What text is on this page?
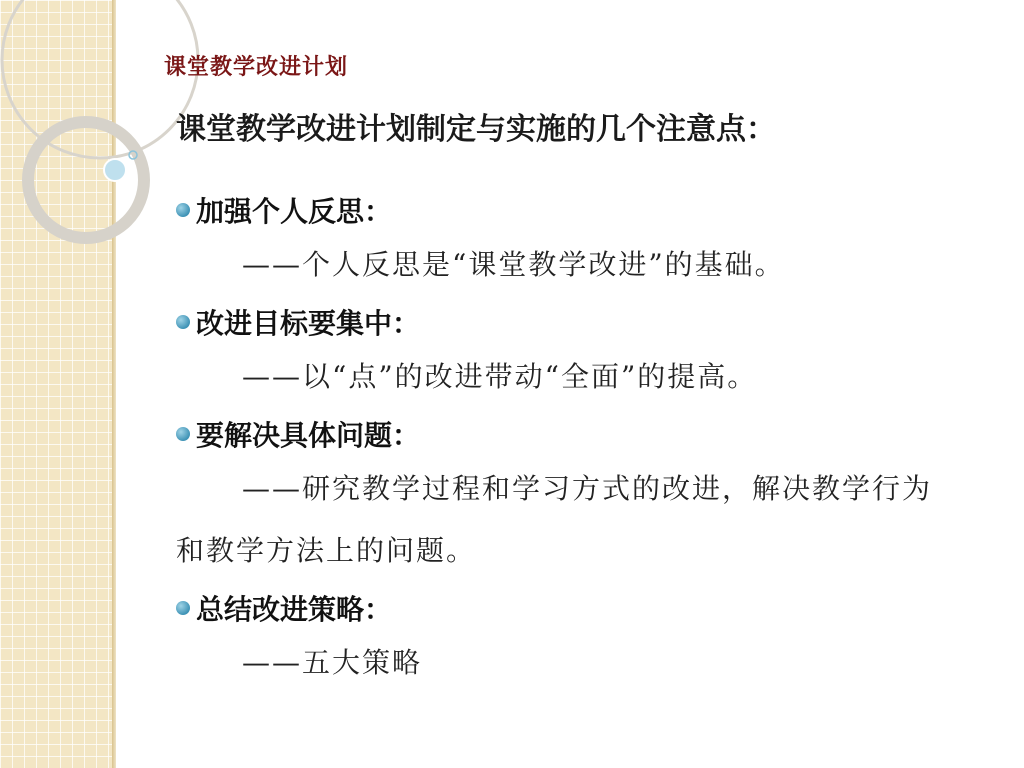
课堂教学改进计划
课堂教学改进计划制定与实施的几个注意点：
加强个人反思：
——个人反思是“课堂教学改进”的基础。
改进目标要集中：
——以“点”的改进带动“全面”的提高。
要解决具体问题：
——研究教学过程和学习方式的改进，解决教学行为和教学方法上的问题。
总结改进策略：
——五大策略
